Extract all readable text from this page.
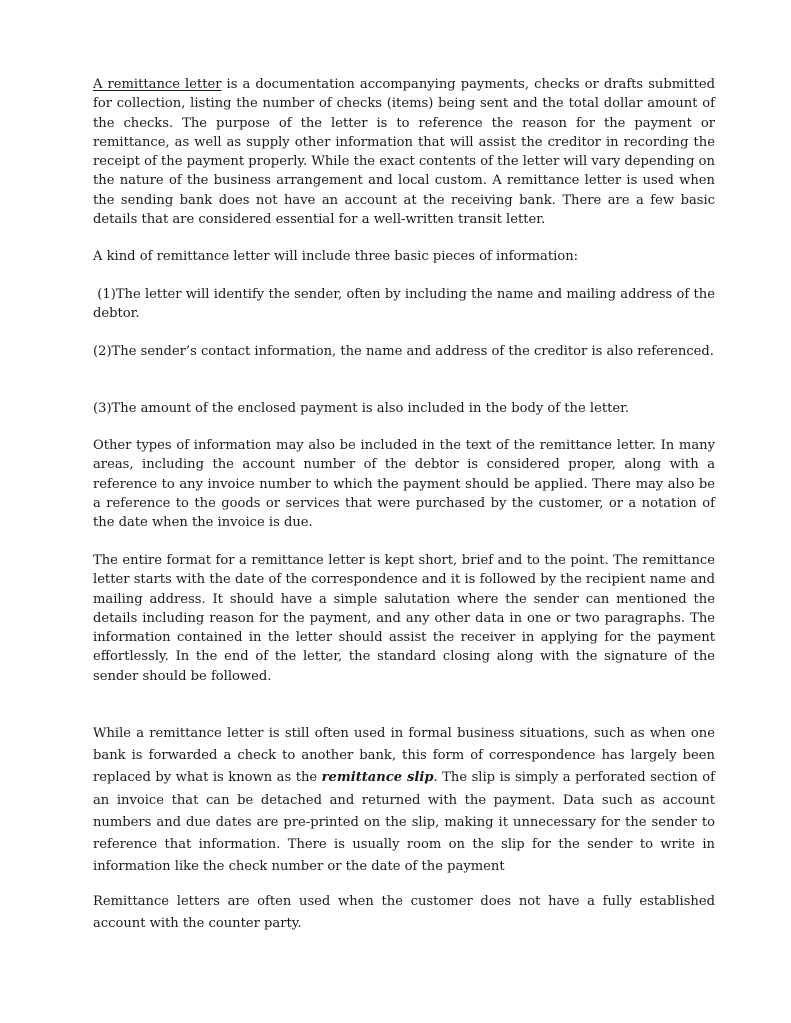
A remittance letter is a documentation accompanying payments, checks or drafts submitted for collection, listing the number of checks (items) being sent and the total dollar amount of the checks. The purpose of the letter is to reference the reason for the payment or remittance, as well as supply other information that will assist the creditor in recording the receipt of the payment properly. While the exact contents of the letter will vary depending on the nature of the business arrangement and local custom. A remittance letter is used when the sending bank does not have an account at the receiving bank. There are a few basic details that are considered essential for a well-written transit letter.

A kind of remittance letter will include three basic pieces of information:

(1)The letter will identify the sender, often by including the name and mailing address of the debtor.

(2)The sender’s contact information, the name and address of the creditor is also referenced.

(3)The amount of the enclosed payment is also included in the body of the letter.

Other types of information may also be included in the text of the remittance letter. In many areas, including the account number of the debtor is considered proper, along with a reference to any invoice number to which the payment should be applied. There may also be a reference to the goods or services that were purchased by the customer, or a notation of the date when the invoice is due.

The entire format for a remittance letter is kept short, brief and to the point. The remittance letter starts with the date of the correspondence and it is followed by the recipient name and mailing address. It should have a simple salutation where the sender can mentioned the details including reason for the payment, and any other data in one or two paragraphs. The information contained in the letter should assist the receiver in applying for the payment effortlessly. In the end of the letter, the standard closing along with the signature of the sender should be followed.

While a remittance letter is still often used in formal business situations, such as when one bank is forwarded a check to another bank, this form of correspondence has largely been replaced by what is known as the remittance slip. The slip is simply a perforated section of an invoice that can be detached and returned with the payment. Data such as account numbers and due dates are pre-printed on the slip, making it unnecessary for the sender to reference that information. There is usually room on the slip for the sender to write in information like the check number or the date of the payment

Remittance letters are often used when the customer does not have a fully established account with the counter party.
